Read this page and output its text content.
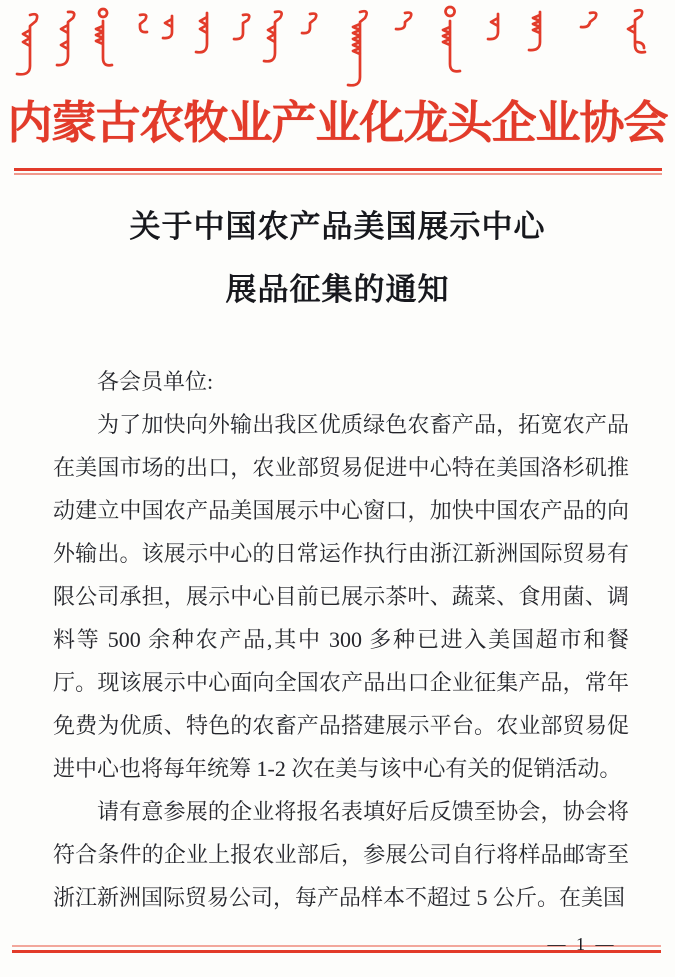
内蒙古农牧业产业化龙头企业协会
关于中国农产品美国展示中心
展品征集的通知

各会员单位:

为了加快向外输出我区优质绿色农畜产品，拓宽农产品在美国市场的出口，农业部贸易促进中心特在美国洛杉矶推动建立中国农产品美国展示中心窗口，加快中国农产品的向外输出。该展示中心的日常运作执行由浙江新洲国际贸易有限公司承担，展示中心目前已展示茶叶、蔬菜、食用菌、调料等 500 余种农产品,其中 300 多种已进入美国超市和餐厅。现该展示中心面向全国农产品出口企业征集产品，常年免费为优质、特色的农畜产品搭建展示平台。农业部贸易促进中心也将每年统筹 1-2 次在美与该中心有关的促销活动。

请有意参展的企业将报名表填好后反馈至协会，协会将符合条件的企业上报农业部后，参展公司自行将样品邮寄至浙江新洲国际贸易公司，每产品样本不超过 5 公斤。在美国

— 1 —
